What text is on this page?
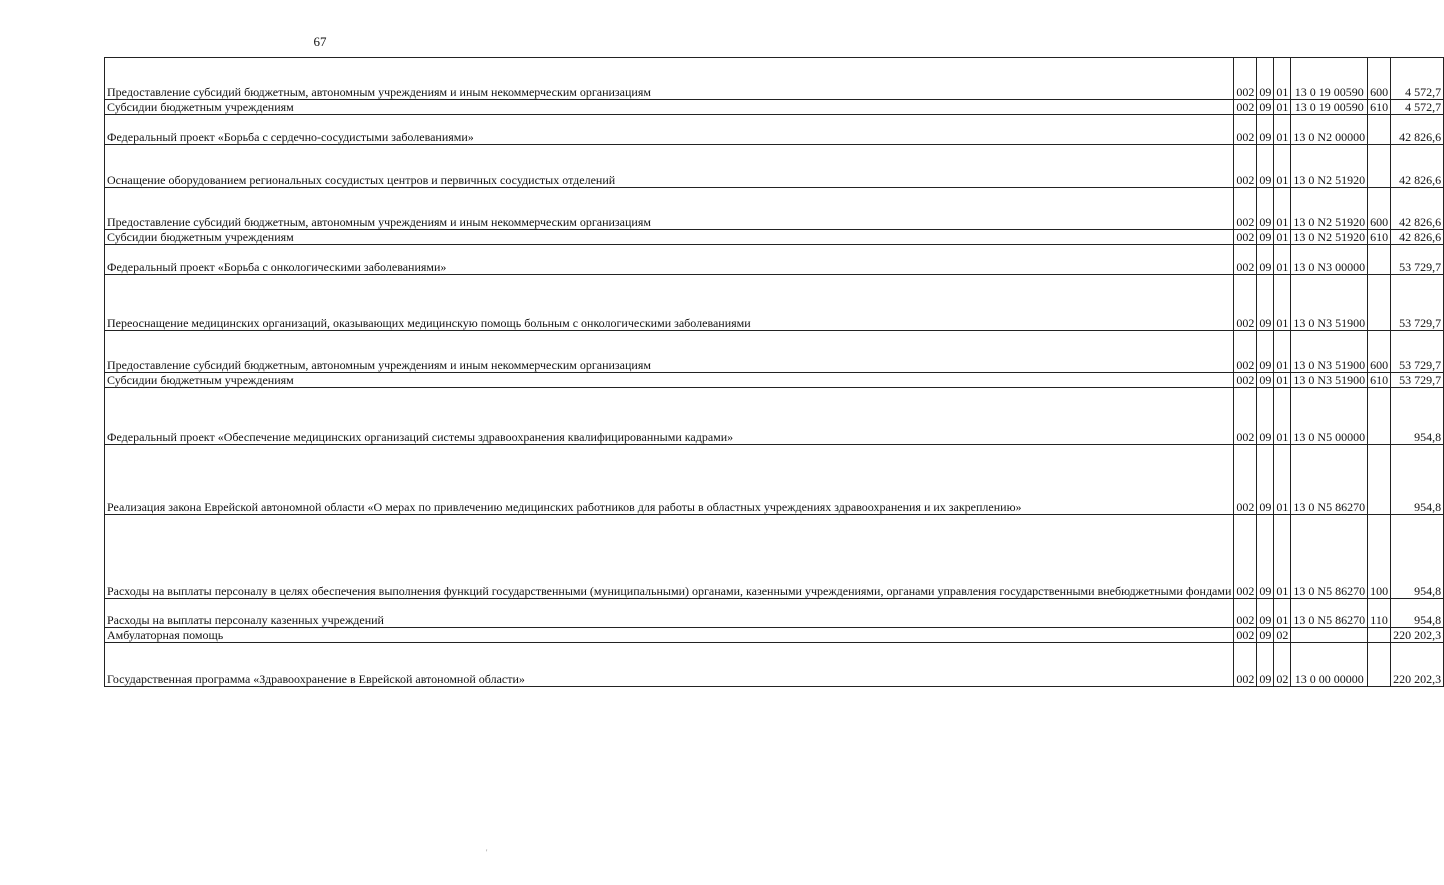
67
Предоставление субсидий бюджетным, автономным учреждениям и иным некоммерческим организациям	002	09	01	13 0 19 00590	600	4 572,7
Субсидии бюджетным учреждениям	002	09	01	13 0 19 00590	610	4 572,7
Федеральный проект «Борьба с сердечно-сосудистыми заболеваниями»	002	09	01	13 0 N2 00000		42 826,6
Оснащение оборудованием региональных сосудистых центров и первичных сосудистых отделений	002	09	01	13 0 N2 51920		42 826,6
Предоставление субсидий бюджетным, автономным учреждениям и иным некоммерческим организациям	002	09	01	13 0 N2 51920	600	42 826,6
Субсидии бюджетным учреждениям	002	09	01	13 0 N2 51920	610	42 826,6
Федеральный проект «Борьба с онкологическими заболеваниями»	002	09	01	13 0 N3 00000		53 729,7
Переоснащение медицинских организаций, оказывающих медицинскую помощь больным с онкологическими заболеваниями	002	09	01	13 0 N3 51900		53 729,7
Предоставление субсидий бюджетным, автономным учреждениям и иным некоммерческим организациям	002	09	01	13 0 N3 51900	600	53 729,7
Субсидии бюджетным учреждениям	002	09	01	13 0 N3 51900	610	53 729,7
Федеральный проект «Обеспечение медицинских организаций системы здравоохранения квалифицированными кадрами»	002	09	01	13 0 N5 00000		954,8
Реализация закона Еврейской автономной области «О мерах по привлечению медицинских работников для работы в областных учреждениях здравоохранения и их закреплению»	002	09	01	13 0 N5 86270		954,8
Расходы на выплаты персоналу в целях обеспечения выполнения функций государственными (муниципальными) органами, казенными учреждениями, органами управления государственными внебюджетными фондами	002	09	01	13 0 N5 86270	100	954,8
Расходы на выплаты персоналу казенных учреждений	002	09	01	13 0 N5 86270	110	954,8
Амбулаторная помощь	002	09	02			220 202,3
Государственная программа «Здравоохранение в Еврейской автономной области»	002	09	02	13 0 00 00000		220 202,3
'
